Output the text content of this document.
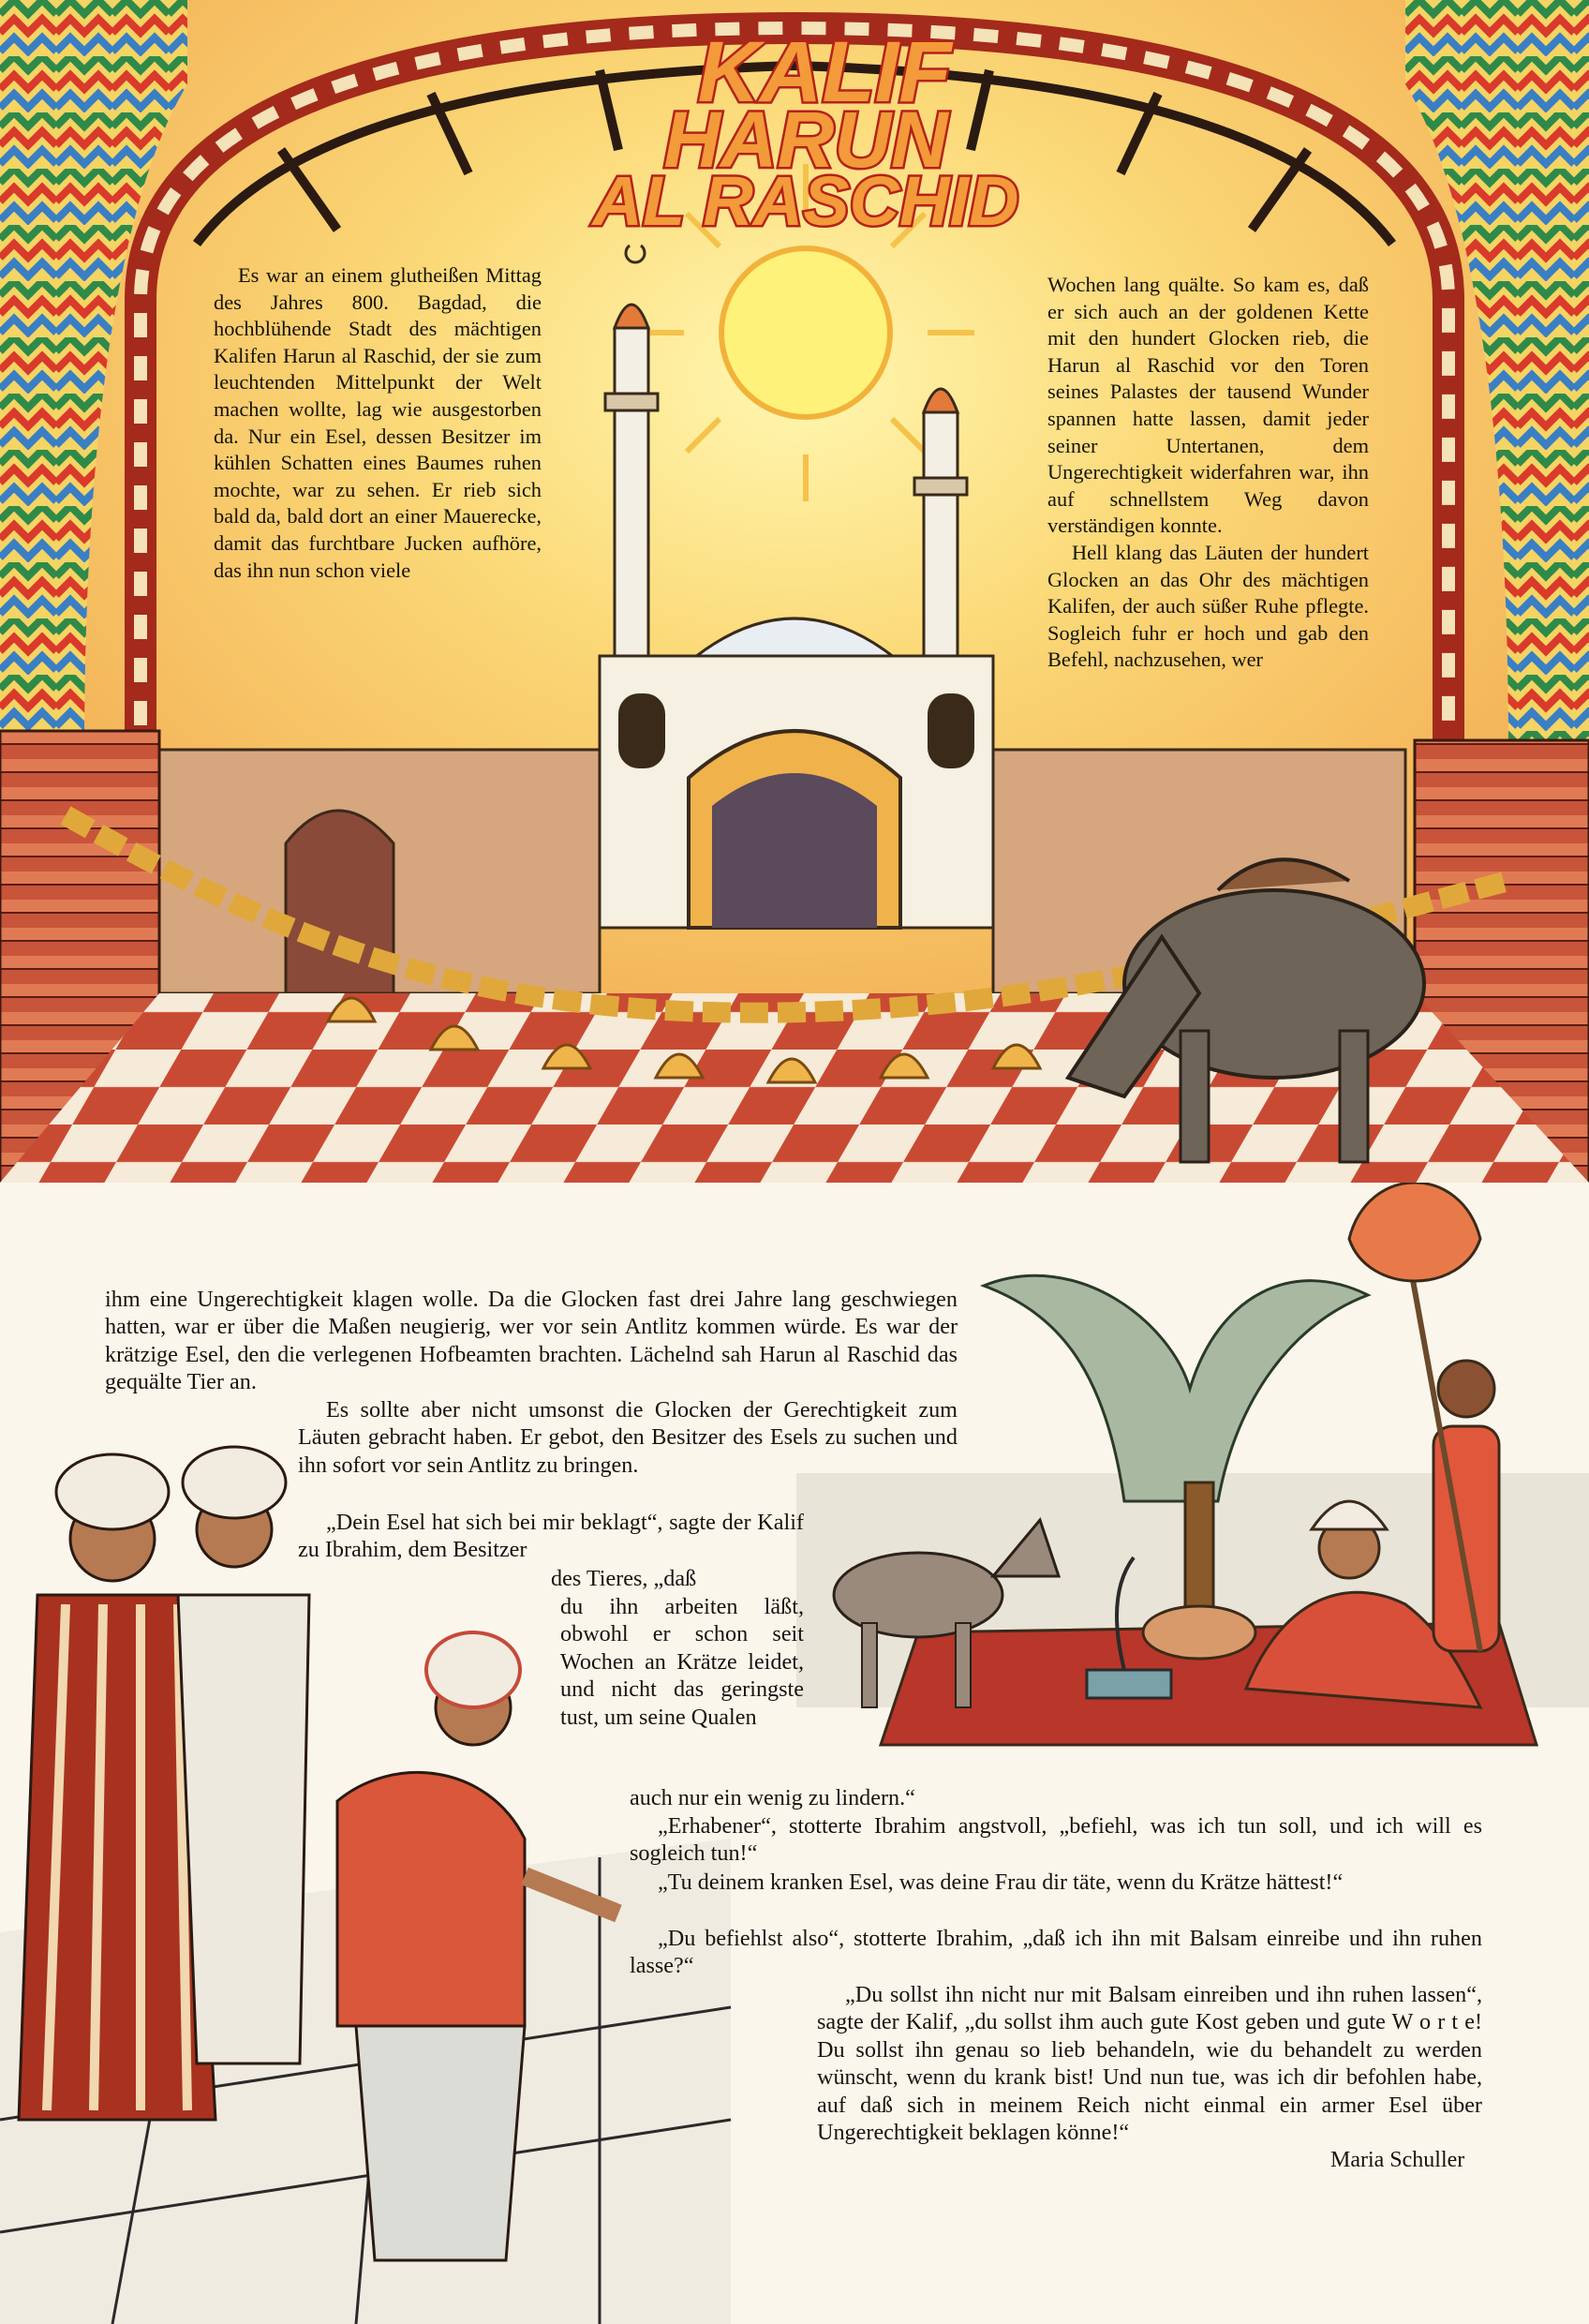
KALIF
HARUN
AL RASCHID

Es war an einem glutheißen Mittag des Jahres 800. Bagdad, die hochblühende Stadt des mächtigen Kalifen Harun al Raschid, der sie zum leuchtenden Mittelpunkt der Welt machen wollte, lag wie ausgestorben da. Nur ein Esel, dessen Besitzer im kühlen Schatten eines Baumes ruhen mochte, war zu sehen. Er rieb sich bald da, bald dort an einer Mauerecke, damit das furchtbare Jucken aufhöre, das ihn nun schon viele

Wochen lang quälte. So kam es, daß er sich auch an der goldenen Kette mit den hundert Glocken rieb, die Harun al Raschid vor den Toren seines Palastes der tausend Wunder spannen hatte lassen, damit jeder seiner Untertanen, dem Ungerechtigkeit widerfahren war, ihn auf schnellstem Weg davon verständigen konnte.

Hell klang das Läuten der hundert Glocken an das Ohr des mächtigen Kalifen, der auch süßer Ruhe pflegte. Sogleich fuhr er hoch und gab den Befehl, nachzusehen, wer

ihm eine Ungerechtigkeit klagen wolle. Da die Glocken fast drei Jahre lang geschwiegen hatten, war er über die Maßen neugierig, wer vor sein Antlitz kommen würde. Es war der krätzige Esel, den die verlegenen Hofbeamten brachten. Lächelnd sah Harun al Raschid das gequälte Tier an.

Es sollte aber nicht umsonst die Glocken der Gerechtigkeit zum Läuten gebracht haben. Er gebot, den Besitzer des Esels zu suchen und ihn sofort vor sein Antlitz zu bringen.

„Dein Esel hat sich bei mir beklagt“, sagte der Kalif zu Ibrahim, dem Besitzer

des Tieres, „daß

du ihn arbeiten läßt, obwohl er schon seit Wochen an Krätze leidet, und nicht das geringste tust, um seine Qualen

auch nur ein wenig zu lindern.“

„Erhabener“, stotterte Ibrahim angstvoll, „befiehl, was ich tun soll, und ich will es sogleich tun!“

„Tu deinem kranken Esel, was deine Frau dir täte, wenn du Krätze hättest!“

„Du befiehlst also“, stotterte Ibrahim, „daß ich ihn mit Balsam einreibe und ihn ruhen lasse?“

„Du sollst ihn nicht nur mit Balsam einreiben und ihn ruhen lassen“, sagte der Kalif, „du sollst ihm auch gute Kost geben und gute W o r t e! Du sollst ihn genau so lieb behandeln, wie du behandelt zu werden wünscht, wenn du krank bist! Und nun tue, was ich dir befohlen habe, auf daß sich in meinem Reich nicht einmal ein armer Esel über Ungerechtigkeit beklagen könne!“

Maria Schuller
